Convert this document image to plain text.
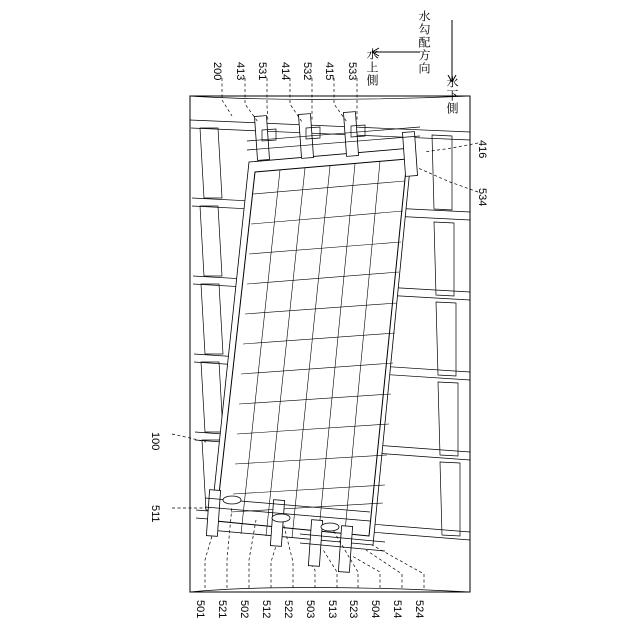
200 413 531 414 532 415 533
501 521 502 512 522 503 513 523 504 514 524
416
534
100
511
水勾配方向
水上側
水下側
